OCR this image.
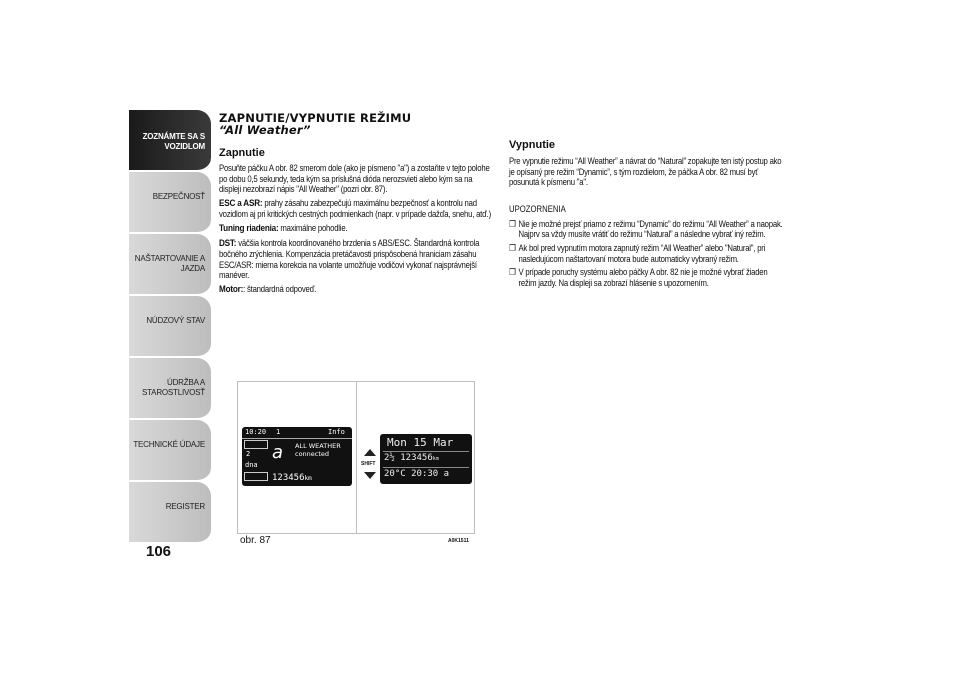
ZOZNÁMTE SA S
VOZIDLOM
BEZPEČNOSŤ
NAŠTARTOVANIE A
JAZDA
NÚDZOVÝ STAV
ÚDRŽBA A
STAROSTLIVOSŤ
TECHNICKÉ ÚDAJE
REGISTER
106
ZAPNUTIE/VYPNUTIE REŽIMU
“All Weather”
Zapnutie

Posuňte páčku A obr. 82 smerom dole (ako je písmeno "a") a zostaňte v tejto polohe po dobu 0,5 sekundy, teda kým sa príslušná dióda nerozsvieti alebo kým sa na displeji nezobrazí nápis "All Weather" (pozri obr. 87).

ESC a ASR: prahy zásahu zabezpečujú maximálnu bezpečnosť a kontrolu nad vozidlom aj pri kritických cestných podmienkach (napr. v prípade dažďa, snehu, atď.)

Tuning riadenia: maximálne pohodlie.

DST: väčšia kontrola koordinovaného brzdenia s ABS/ESC. Štandardná kontrola bočného zrýchlenia. Kompenzácia pretáčavosti prispôsobená hraniciam zásahu ESC/ASR: mierna korekcia na volante umožňuje vodičovi vykonať najsprávnejší manéver.

Motor:: štandardná odpoveď.

Vypnutie

Pre vypnutie režimu “All Weather” a návrat do “Natural” zopakujte ten istý postup ako je opísaný pre režim “Dynamic”, s tým rozdielom, že páčka A obr. 82 musí byť posunutá k písmenu "a".

UPOZORNENIA
❒ Nie je možné prejsť priamo z režimu “Dynamic” do režimu “All Weather” a naopak. Najprv sa vždy musíte vrátiť do režimu “Natural” a následne vybrať iný režim.
❒ Ak bol pred vypnutím motora zapnutý režim “All Weather” alebo "Natural", pri nasledujúcom naštartovaní motora bude automaticky vybraný režim.
❒ V prípade poruchy systému alebo páčky A obr. 82 nie je možné vybrať žiaden režim jazdy. Na displeji sa zobrazí hlásenie s upozornením.
10:20 1	Info
2
dna
a ALL WEATHER
connected
123456km
SHIFT
Mon 15 Mar
2½ 123456km
20°C 20:30 a
obr. 87	A0K1511
